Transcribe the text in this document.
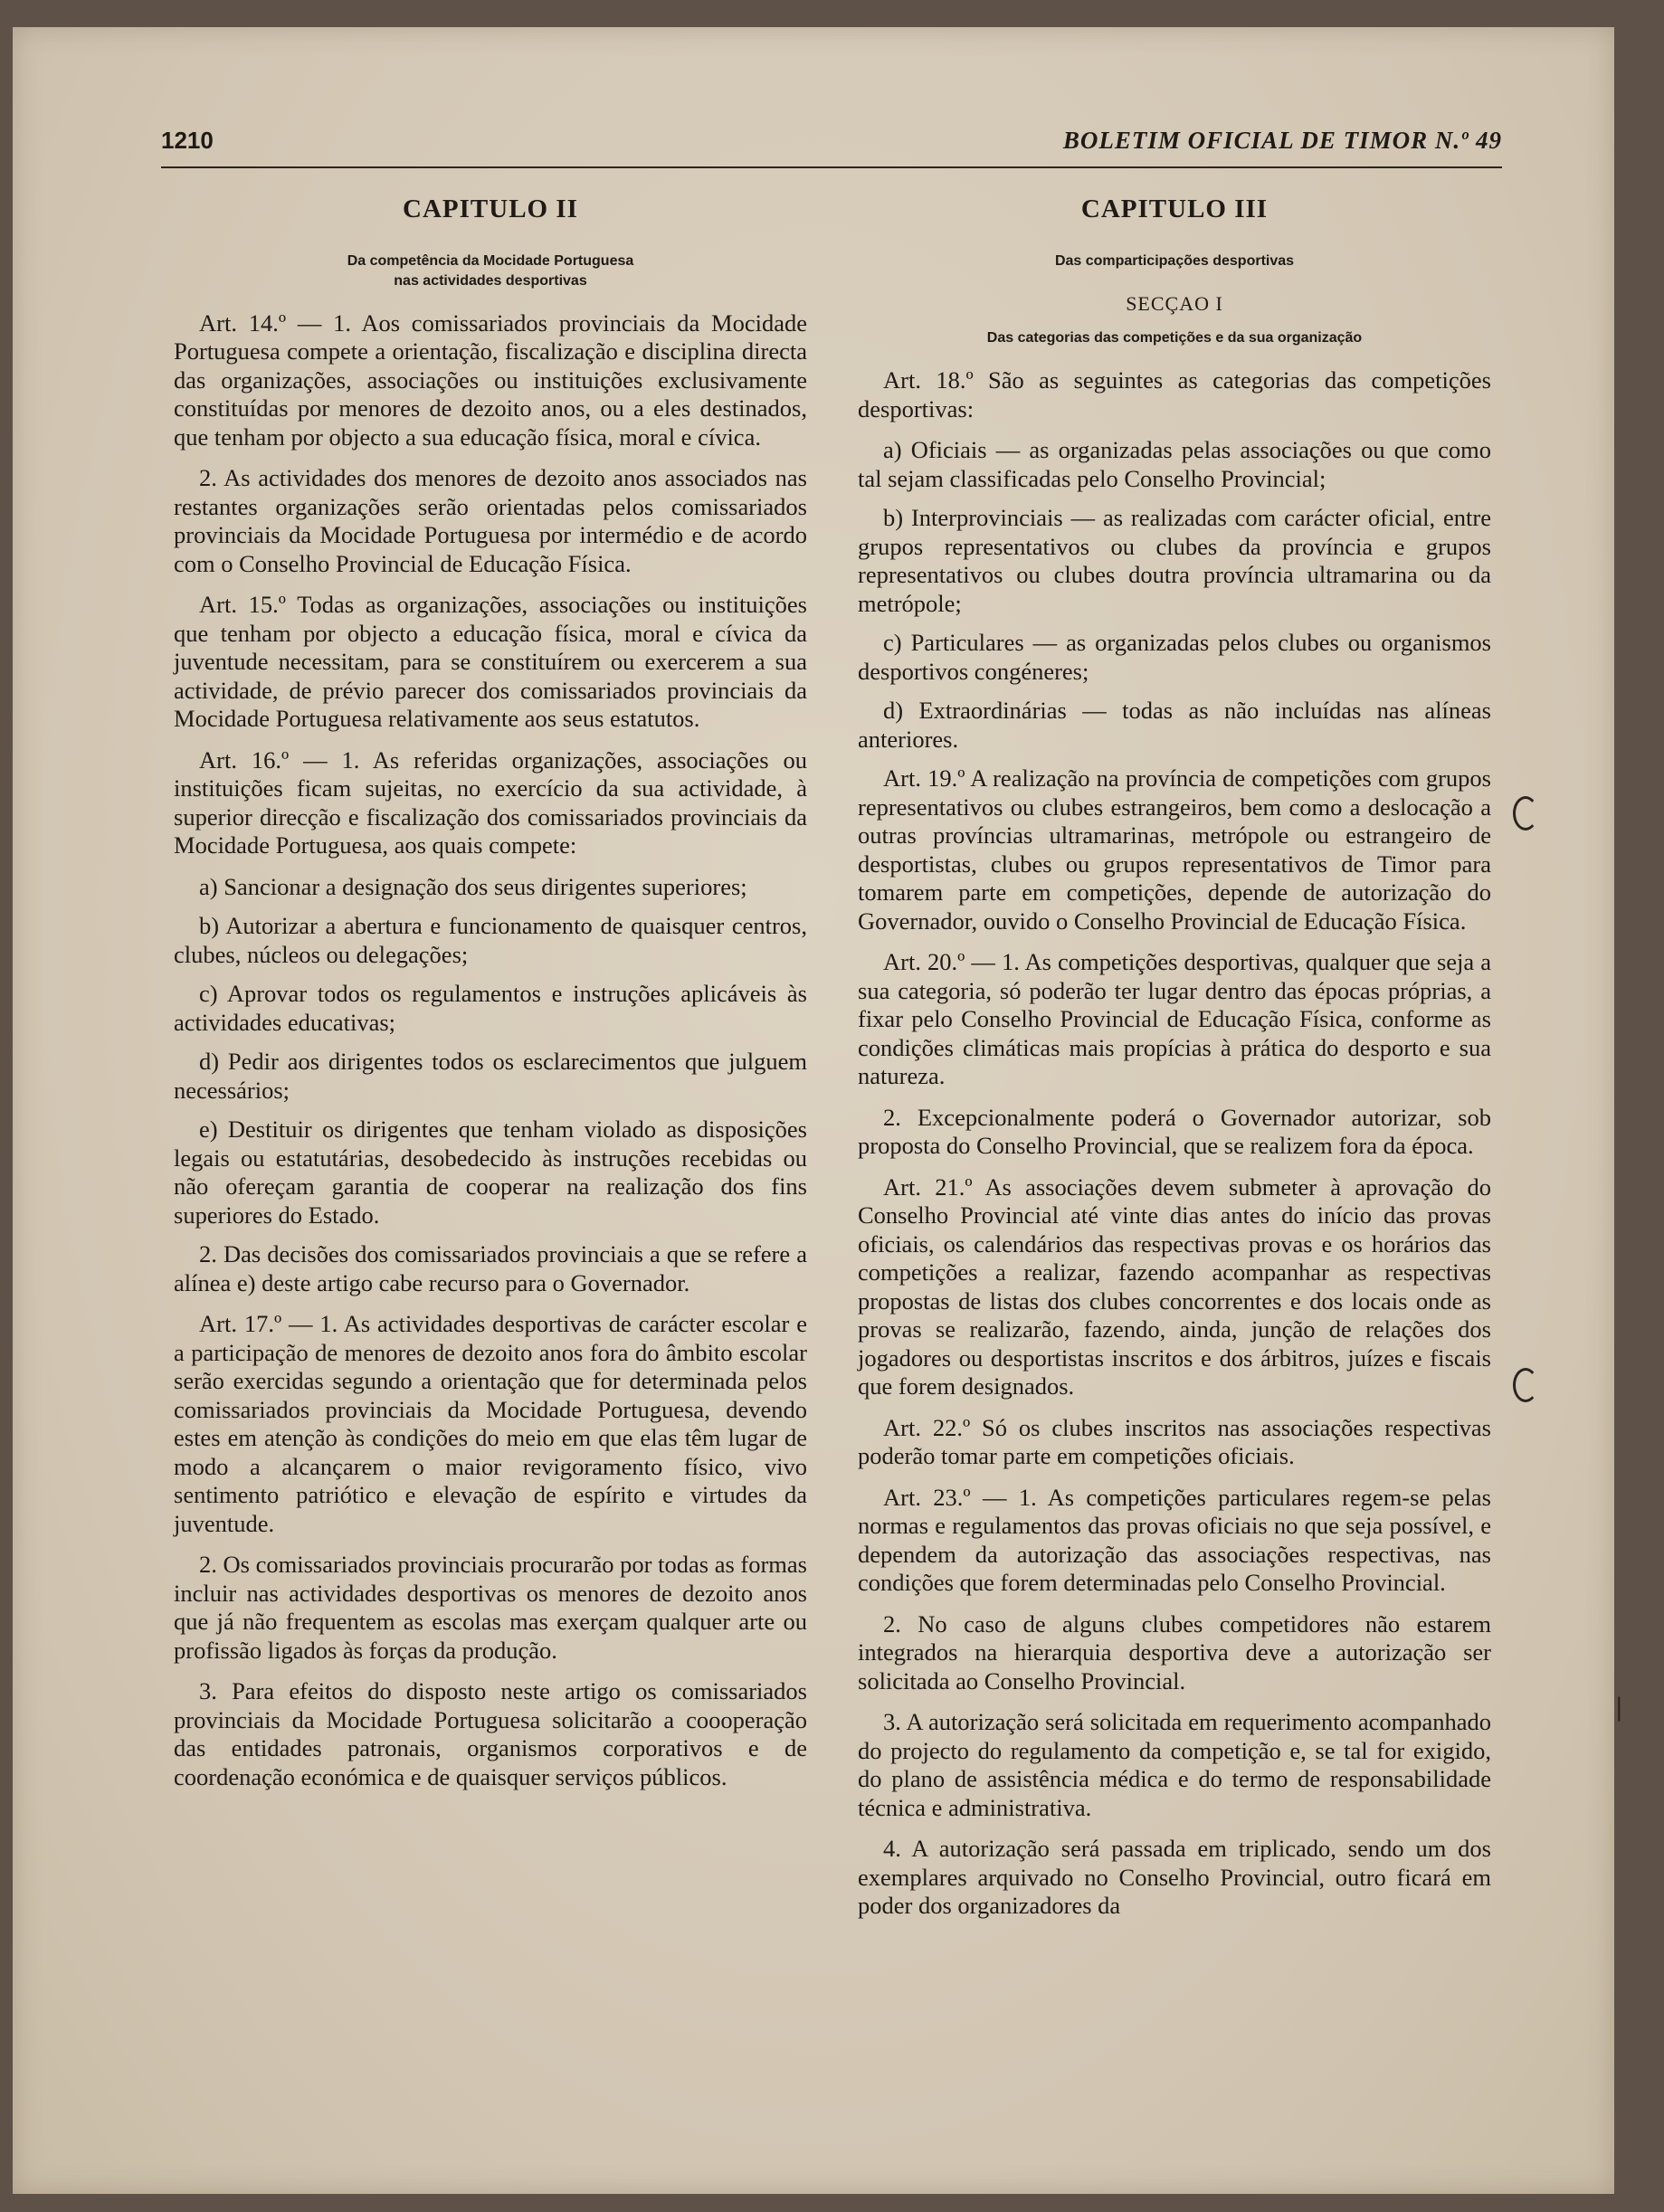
1210	BOLETIM OFICIAL DE TIMOR N.º 49
CAPITULO II
Da competência da Mocidade Portuguesa
nas actividades desportivas

Art. 14.º — 1. Aos comissariados provinciais da Mocidade Portuguesa compete a orientação, fiscalização e disciplina directa das organizações, associações ou instituições exclusivamente constituídas por menores de dezoito anos, ou a eles destinados, que tenham por objecto a sua educação física, moral e cívica.

2. As actividades dos menores de dezoito anos associados nas restantes organizações serão orientadas pelos comissariados provinciais da Mocidade Portuguesa por intermédio e de acordo com o Conselho Provincial de Educação Física.

Art. 15.º Todas as organizações, associações ou instituições que tenham por objecto a educação física, moral e cívica da juventude necessitam, para se constituírem ou exercerem a sua actividade, de prévio parecer dos comissariados provinciais da Mocidade Portuguesa relativamente aos seus estatutos.

Art. 16.º — 1. As referidas organizações, associações ou instituições ficam sujeitas, no exercício da sua actividade, à superior direcção e fiscalização dos comissariados provinciais da Mocidade Portuguesa, aos quais compete:

a) Sancionar a designação dos seus dirigentes superiores;

b) Autorizar a abertura e funcionamento de quaisquer centros, clubes, núcleos ou delegações;

c) Aprovar todos os regulamentos e instruções aplicáveis às actividades educativas;

d) Pedir aos dirigentes todos os esclarecimentos que julguem necessários;

e) Destituir os dirigentes que tenham violado as disposições legais ou estatutárias, desobedecido às instruções recebidas ou não ofereçam garantia de cooperar na realização dos fins superiores do Estado.

2. Das decisões dos comissariados provinciais a que se refere a alínea e) deste artigo cabe recurso para o Governador.

Art. 17.º — 1. As actividades desportivas de carácter escolar e a participação de menores de dezoito anos fora do âmbito escolar serão exercidas segundo a orientação que for determinada pelos comissariados provinciais da Mocidade Portuguesa, devendo estes em atenção às condições do meio em que elas têm lugar de modo a alcançarem o maior revigoramento físico, vivo sentimento patriótico e elevação de espírito e virtudes da juventude.

2. Os comissariados provinciais procurarão por todas as formas incluir nas actividades desportivas os menores de dezoito anos que já não frequentem as escolas mas exerçam qualquer arte ou profissão ligados às forças da produção.

3. Para efeitos do disposto neste artigo os comissariados provinciais da Mocidade Portuguesa solicitarão a coooperação das entidades patronais, organismos corporativos e de coordenação económica e de quaisquer serviços públicos.

CAPITULO III
Das comparticipações desportivas
SECÇAO I
Das categorias das competições e da sua organização

Art. 18.º São as seguintes as categorias das competições desportivas:

a) Oficiais — as organizadas pelas associações ou que como tal sejam classificadas pelo Conselho Provincial;

b) Interprovinciais — as realizadas com carácter oficial, entre grupos representativos ou clubes da província e grupos representativos ou clubes doutra província ultramarina ou da metrópole;

c) Particulares — as organizadas pelos clubes ou organismos desportivos congéneres;

d) Extraordinárias — todas as não incluídas nas alíneas anteriores.

Art. 19.º A realização na província de competições com grupos representativos ou clubes estrangeiros, bem como a deslocação a outras províncias ultramarinas, metrópole ou estrangeiro de desportistas, clubes ou grupos representativos de Timor para tomarem parte em competições, depende de autorização do Governador, ouvido o Conselho Provincial de Educação Física.

Art. 20.º — 1. As competições desportivas, qualquer que seja a sua categoria, só poderão ter lugar dentro das épocas próprias, a fixar pelo Conselho Provincial de Educação Física, conforme as condições climáticas mais propícias à prática do desporto e sua natureza.

2. Excepcionalmente poderá o Governador autorizar, sob proposta do Conselho Provincial, que se realizem fora da época.

Art. 21.º As associações devem submeter à aprovação do Conselho Provincial até vinte dias antes do início das provas oficiais, os calendários das respectivas provas e os horários das competições a realizar, fazendo acompanhar as respectivas propostas de listas dos clubes concorrentes e dos locais onde as provas se realizarão, fazendo, ainda, junção de relações dos jogadores ou desportistas inscritos e dos árbitros, juízes e fiscais que forem designados.

Art. 22.º Só os clubes inscritos nas associações respectivas poderão tomar parte em competições oficiais.

Art. 23.º — 1. As competições particulares regem-se pelas normas e regulamentos das provas oficiais no que seja possível, e dependem da autorização das associações respectivas, nas condições que forem determinadas pelo Conselho Provincial.

2. No caso de alguns clubes competidores não estarem integrados na hierarquia desportiva deve a autorização ser solicitada ao Conselho Provincial.

3. A autorização será solicitada em requerimento acompanhado do projecto do regulamento da competição e, se tal for exigido, do plano de assistência médica e do termo de responsabilidade técnica e administrativa.

4. A autorização será passada em triplicado, sendo um dos exemplares arquivado no Conselho Provincial, outro ficará em poder dos organizadores da

|
